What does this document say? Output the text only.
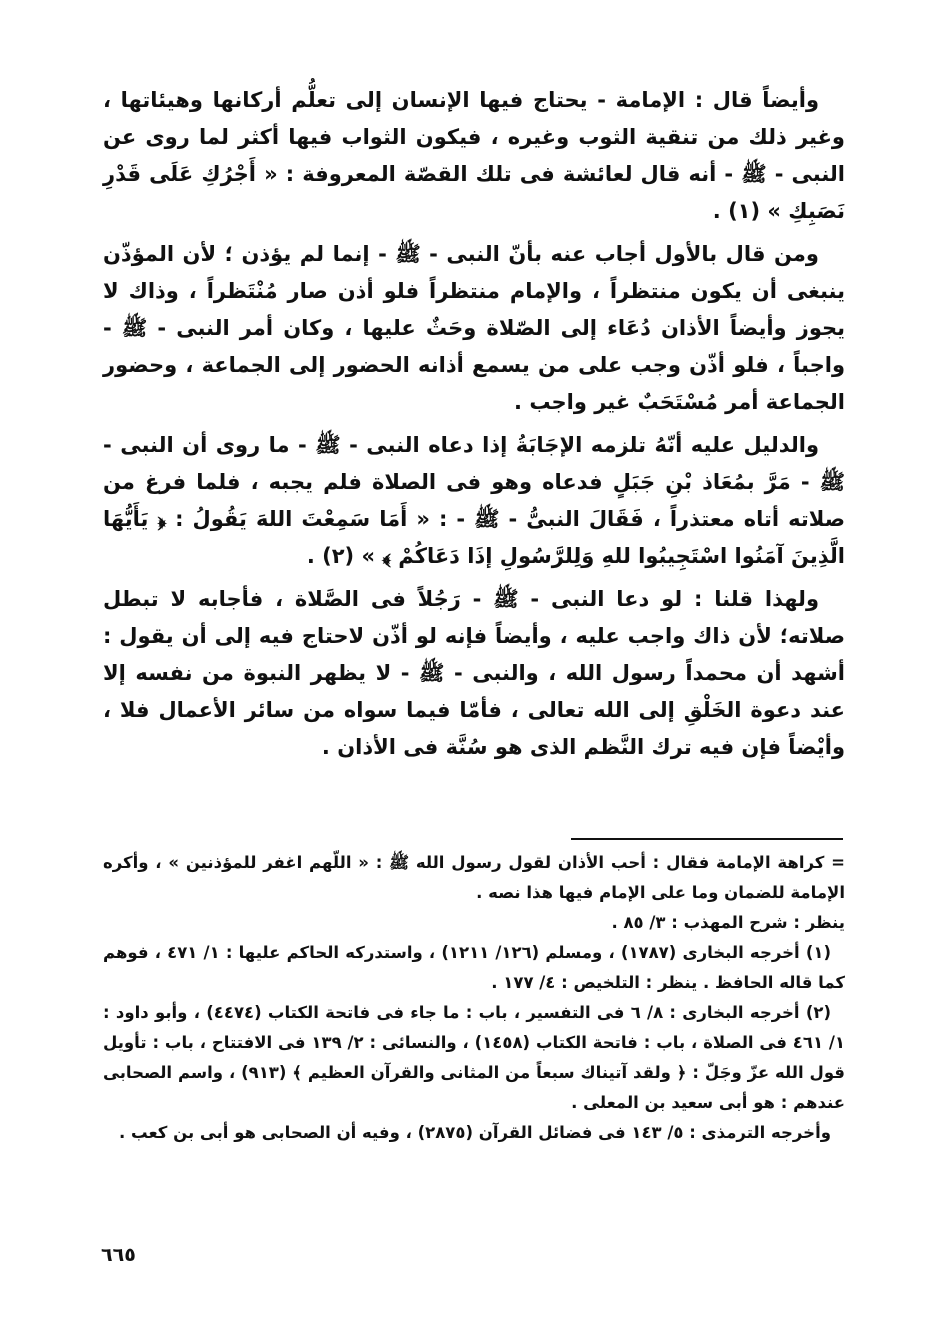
وأيضاً قال : الإمامة - يحتاج فيها الإنسان إلى تعلُّم أركانها وهيئاتها ، وغير ذلك من تنقية الثوب وغيره ، فيكون الثواب فيها أكثر لما روى عن النبى - ﷺ - أنه قال لعائشة فى تلك القصّة المعروفة : « أَجْرُكِ عَلَى قَدْرِ نَصَبِكِ » (١) .

ومن قال بالأول أجاب عنه بأنّ النبى - ﷺ - إنما لم يؤذن ؛ لأن المؤذّن ينبغى أن يكون منتظراً ، والإمام منتظراً فلو أذن صار مُنْتَظراً ، وذاك لا يجوز وأيضاً الأذان دُعَاء إلى الصّلاة وحَثٌ عليها ، وكان أمر النبى - ﷺ - واجباً ، فلو أذّن وجب على من يسمع أذانه الحضور إلى الجماعة ، وحضور الجماعة أمر مُسْتَحَبٌ غير واجب .

والدليل عليه أنّهُ تلزمه الإجَابَةُ إذا دعاه النبى - ﷺ - ما روى أن النبى - ﷺ - مَرَّ بمُعَاذ بْنِ جَبَلٍ فدعاه وهو فى الصلاة فلم يجبه ، فلما فرغ من صلاته أتاه معتذراً ، فَقَالَ النبىُّ - ﷺ - : « أَمَا سَمِعْتَ اللهَ يَقُولُ : ﴿ يَأَيُّهَا الَّذِينَ آمَنُوا اسْتَجِيبُوا للهِ وَلِلرَّسُولِ إذَا دَعَاكُمْ ﴾ » (٢) .

ولهذا قلنا : لو دعا النبى - ﷺ - رَجُلاً فى الصَّلاة ، فأجابه لا تبطل صلاته؛ لأن ذاك واجب عليه ، وأيضاً فإنه لو أذّن لاحتاج فيه إلى أن يقول : أشهد أن محمداً رسول الله ، والنبى - ﷺ - لا يظهر النبوة من نفسه إلا عند دعوة الخَلْقِ إلى الله تعالى ، فأمّا فيما سواه من سائر الأعمال فلا ، وأيْضاً فإن فيه ترك النَّظم الذى هو سُنَّة فى الأذان .

= كراهة الإمامة فقال : أحب الأذان لقول رسول الله ﷺ : « اللّهم اغفر للمؤذنين » ، وأكره الإمامة للضمان وما على الإمام فيها هذا نصه .

ينظر : شرح المهذب : ٣/ ٨٥ .

(١) أخرجه البخارى (١٧٨٧) ، ومسلم (١٢٦/ ١٢١١) ، واستدركه الحاكم عليها : ١/ ٤٧١ ، فوهم كما قاله الحافظ . ينظر : التلخيص : ٤/ ١٧٧ .

(٢) أخرجه البخارى : ٨/ ٦ فى التفسير ، باب : ما جاء فى فاتحة الكتاب (٤٤٧٤) ، وأبو داود : ١/ ٤٦١ فى الصلاة ، باب : فاتحة الكتاب (١٤٥٨) ، والنسائى : ٢/ ١٣٩ فى الافتتاح ، باب : تأويل قول الله عزّ وجَلّ : ﴿ ولقد آتيناك سبعاً من المثانى والقرآن العظيم ﴾ (٩١٣) ، واسم الصحابى عندهم : هو أبى سعيد بن المعلى .

وأخرجه الترمذى : ٥/ ١٤٣ فى فضائل القرآن (٢٨٧٥) ، وفيه أن الصحابى هو أبى بن كعب .

٦٦٥
